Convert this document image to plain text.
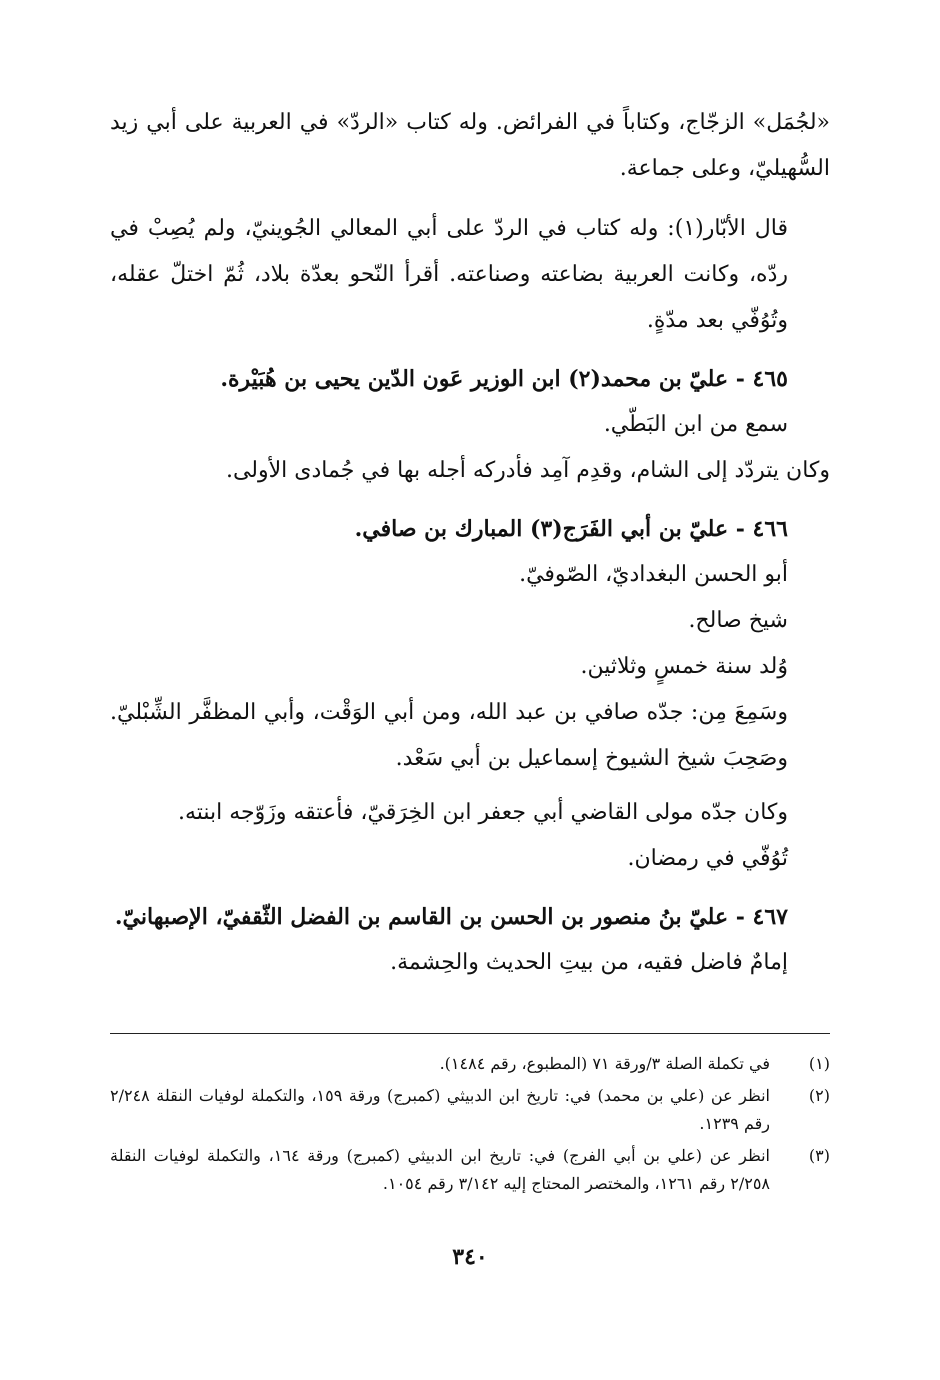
«لجُمَل» الزجّاج، وكتاباً في الفرائض. وله كتاب «الردّ» في العربية على أبي زيد السُّهيليّ، وعلى جماعة.

قال الأبّار(١): وله كتاب في الردّ على أبي المعالي الجُوينيّ، ولم يُصِبْ في ردّه، وكانت العربية بضاعته وصناعته. أقرأ النّحو بعدّة بلاد، ثُمّ اختلّ عقله، وتُوُفّي بعد مدّةٍ.

٤٦٥ - عليّ بن محمد(٢) ابن الوزير عَون الدّين يحيى بن هُبَيْرة.

سمع من ابن البَطّي.

وكان يتردّد إلى الشام، وقدِم آمِد فأدركه أجله بها في جُمادى الأولى.

٤٦٦ - عليّ بن أبي الفَرَج(٣) المبارك بن صافي.

أبو الحسن البغداديّ، الصّوفيّ.

شيخ صالح.

وُلد سنة خمسٍ وثلاثين.

وسَمِعَ مِن: جدّه صافي بن عبد الله، ومن أبي الوَقْت، وأبي المظفَّر الشِّبْليّ. وصَحِبَ شيخ الشيوخ إسماعيل بن أبي سَعْد.

وكان جدّه مولى القاضي أبي جعفر ابن الخِرَقيّ، فأعتقه وزَوّجه ابنته.

تُوُفّي في رمضان.

٤٦٧ - عليّ بنُ منصور بن الحسن بن القاسم بن الفضل الثّقفيّ، الإصبهانيّ.

إمامٌ فاضل فقيه، من بيتِ الحديث والحِشمة.

(١)
في تكملة الصلة ٣/ورقة ٧١ (المطبوع، رقم ١٤٨٤).
(٢)
انظر عن (علي بن محمد) في: تاريخ ابن الدبيثي (كمبرج) ورقة ١٥٩، والتكملة لوفيات النقلة ٢/٢٤٨ رقم ١٢٣٩.
(٣)
انظر عن (علي بن أبي الفرج) في: تاريخ ابن الدبيثي (كمبرج) ورقة ١٦٤، والتكملة لوفيات النقلة ٢/٢٥٨ رقم ١٢٦١، والمختصر المحتاج إليه ٣/١٤٢ رقم ١٠٥٤.
٣٤٠
